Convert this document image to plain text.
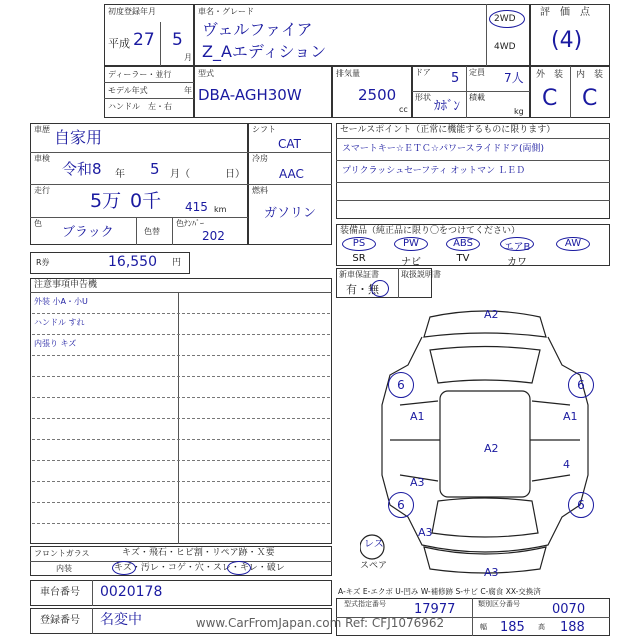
初度登録年月
平成 27 5
月
車名・グレード
ヴェルファイア
Z_Aエディション
2WD
4WD
評　価　点
(4)
ディーラー・並行
モデル年式	年
ハンドル　左・右
型式
DBA-AGH30W
排気量
2500
cc
ドア 5 定員 7人
形状
ｶﾎﾞﾝ
積載
kg
外　装 内　装
C C
車歴 自家用
車検
令和8 年 5 月（	日）
走行 5万 0千 415 km
色
ブラック	色替
色ﾅﾝﾊﾞｰ
202
シフト
CAT
冷房
AAC
燃料
ガソリン
R券	16,550 円
セールスポイント（正常に機能するものに限ります）
スマートキー☆ＥＴＣ☆パワースライドドア(両側)
プリクラッシュセーフティ オットマン ＬＥＤ
装備品（純正品に限り〇をつけてください）
PS	PW	ABS	エアB	AW
SR	ナビ	TV	カワ
新車保証書	取扱説明書
有・無
注意事項申告機
外装 小A・小U
ハンドル すれ
内張り キズ
フロントガラス	キズ・飛石・ヒビ割・リペア跡・Ｘ要
内装	キズ・汚レ・コゲ・穴・スレ・キレ・破レ
車台番号 0020178
登録番号 名変中
A-キズ E-エクボ U-凹み W-補修跡 S-サビ C-腐食 XX-交換済
型式指定番号 17977	類別区分番号 0070
幅 185 高 188
www.CarFromJapan.com Ref: CFJ1076962
A2
6	6
A1	A1
A2
4
A3
6	6
A3
A3
レス
スペア
